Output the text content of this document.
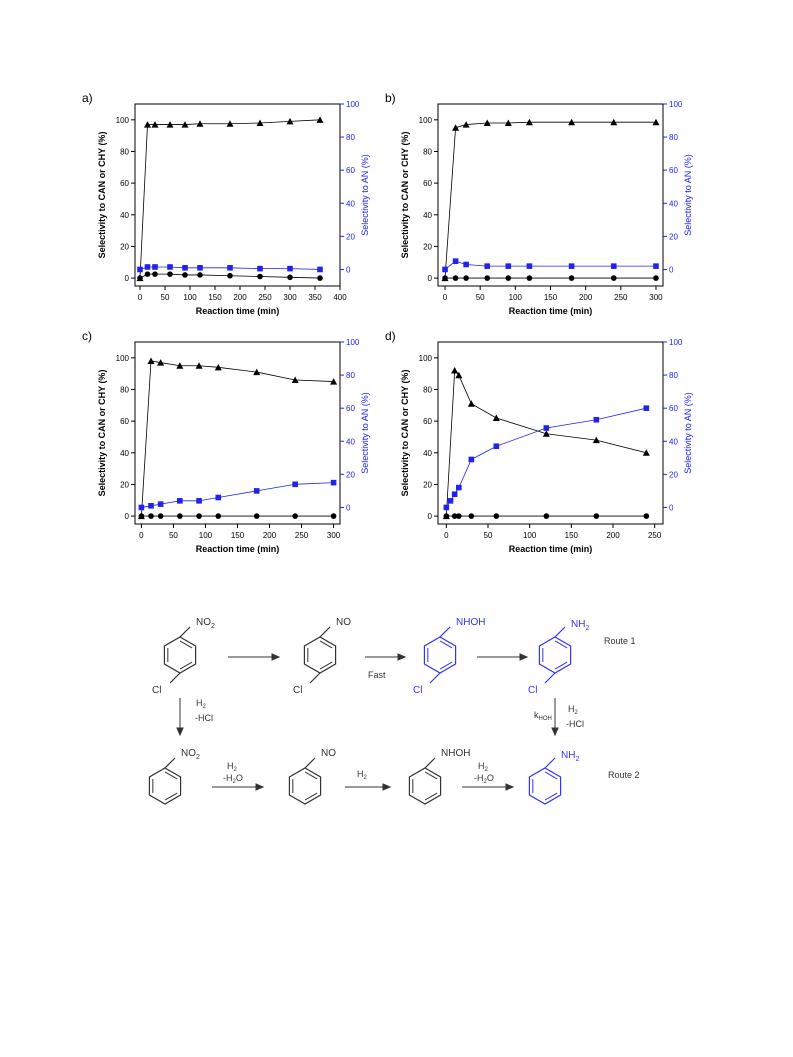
a)
0 50 100 150 200 250 300 350 400
0
20
40
60
80
100
0
20
40
60
80
100
Reaction time (min)
Selectivity to CAN or CHY (%)	Selectivity to AN (%)
b)
0	50	100	150	200	250	300
0
20
40
60
80
100
0
20
40
60
80
100
Reaction time (min)
Selectivity to CAN or CHY (%)	Selectivity to AN (%)
c)
0	50	100 150 200 250 300
0
20
40
60
80
100
0
20
40
60
80
100
Reaction time (min)
Selectivity to CAN or CHY (%)	Selectivity to AN (%)
d)
0	50	100	150	200	250
0
20
40
60
80
100
0
20
40
60
80
100
Reaction time (min)
Selectivity to CAN or CHY (%)	Selectivity to AN (%)
$NO_2$
Cl
NO
Cl
NHOH
Cl
$NH_2$
Cl
$NO_2$	NO	NHOH	$NH_2$
Fast
$H_2$
-HCl	$k_{HOH}$
$H_2$
-HCl
$H_2$
$-H_2O$	$H_2$
$H_2$
$-H_2O$
Route 1
Route 2
